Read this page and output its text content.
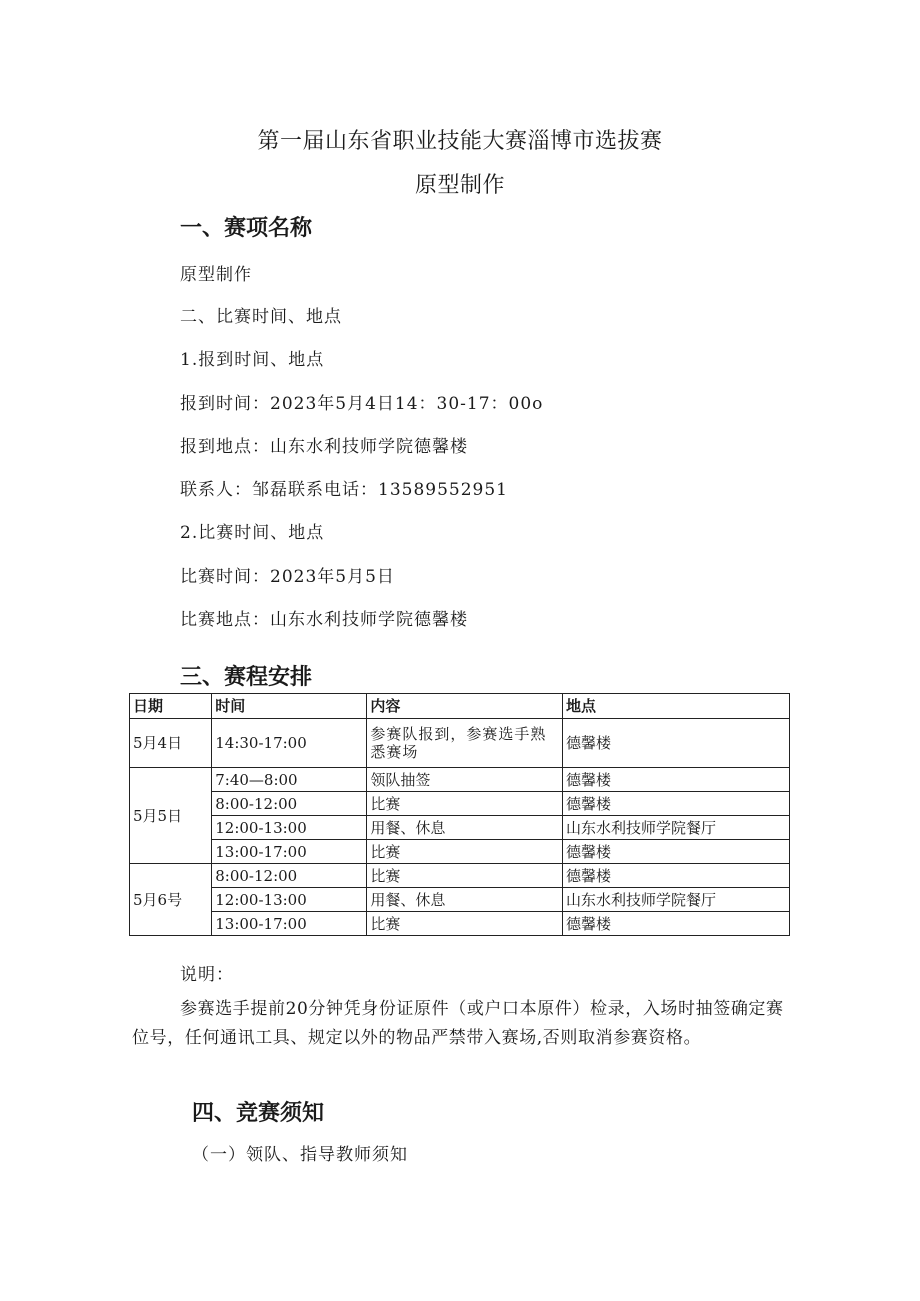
第一届山东省职业技能大赛淄博市选拔赛
原型制作
一、赛项名称
原型制作
二、比赛时间、地点
1.报到时间、地点
报到时间：2023年5月4日14：30-17：00o
报到地点：山东水利技师学院德馨楼
联系人：邹磊联系电话：13589552951
2.比赛时间、地点
比赛时间：2023年5月5日
比赛地点：山东水利技师学院德馨楼
三、赛程安排
日期	时间	内容	地点
5月4日	14:30-17:00	参赛队报到，参赛选手熟悉赛场	德馨楼
5月5日	7:40—8:00	领队抽签	德馨楼
	8:00-12:00	比赛	德馨楼
	12:00-13:00	用餐、休息	山东水利技师学院餐厅
	13:00-17:00	比赛	德馨楼
5月6号	8:00-12:00	比赛	德馨楼
	12:00-13:00	用餐、休息	山东水利技师学院餐厅
	13:00-17:00	比赛	德馨楼
说明：
参赛选手提前20分钟凭身份证原件（或户口本原件）检录，入场时抽签确定赛位号，任何通讯工具、规定以外的物品严禁带入赛场,否则取消参赛资格。
四、竞赛须知
（一）领队、指导教师须知
